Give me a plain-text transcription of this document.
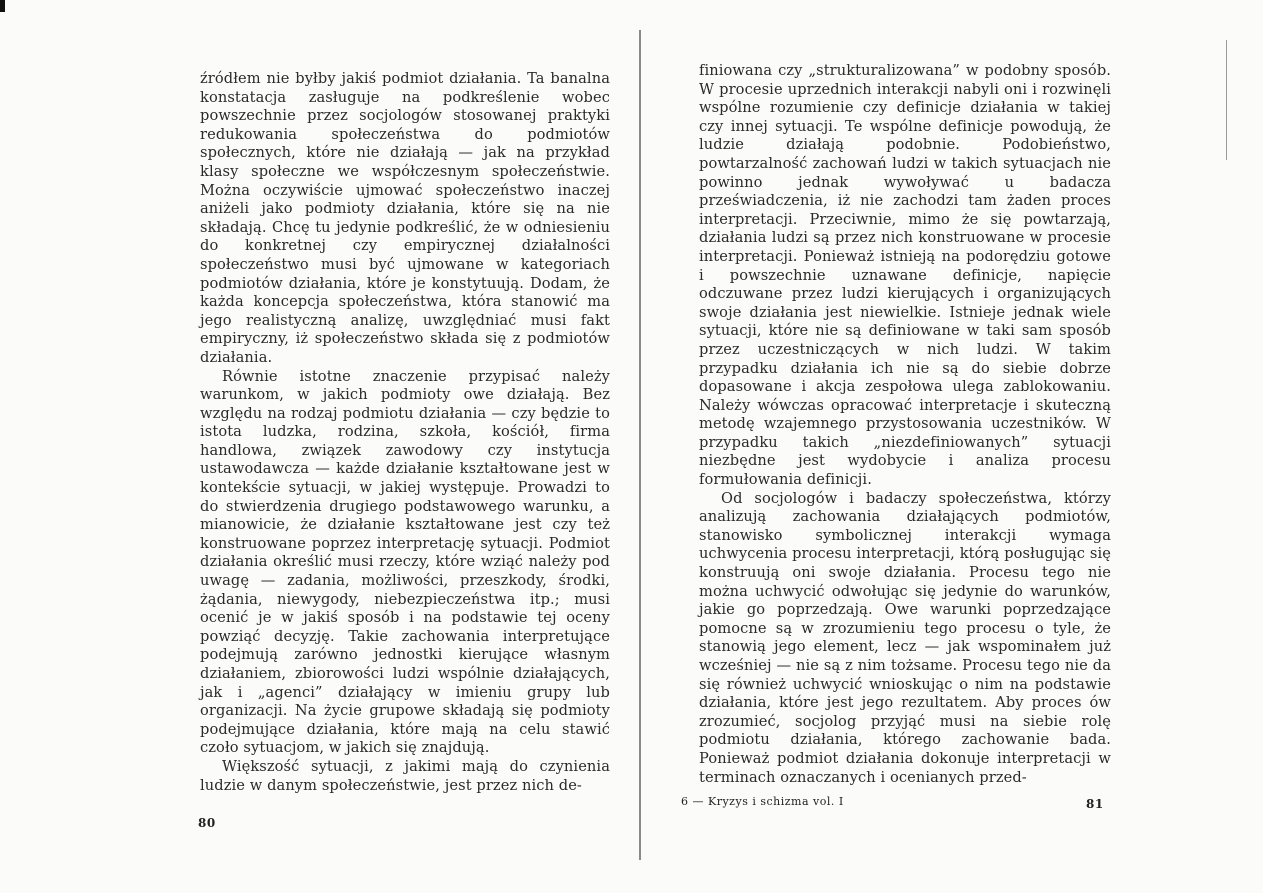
źródłem nie byłby jakiś podmiot działania. Ta banalna konstatacja zasługuje na podkreślenie wobec powszechnie przez socjologów stosowanej praktyki redukowania społeczeństwa do podmiotów społecznych, które nie działają — jak na przykład klasy społeczne we współczesnym społeczeństwie. Można oczywiście ujmować społeczeństwo inaczej aniżeli jako podmioty działania, które się na nie składają. Chcę tu jedynie podkreślić, że w odniesieniu do konkretnej czy empirycznej działalności społeczeństwo musi być ujmowane w kategoriach podmiotów działania, które je konstytuują. Dodam, że każda koncepcja społeczeństwa, która stanowić ma jego realistyczną analizę, uwzględniać musi fakt empiryczny, iż społeczeństwo składa się z podmiotów działania.

Równie istotne znaczenie przypisać należy warunkom, w jakich podmioty owe działają. Bez względu na rodzaj podmiotu działania — czy będzie to istota ludzka, rodzina, szkoła, kościół, firma handlowa, związek zawodowy czy instytucja ustawodawcza — każde działanie kształtowane jest w kontekście sytuacji, w jakiej występuje. Prowadzi to do stwierdzenia drugiego podstawowego warunku, a mianowicie, że działanie kształtowane jest czy też konstruowane poprzez interpretację sytuacji. Podmiot działania określić musi rzeczy, które wziąć należy pod uwagę — zadania, możliwości, przeszkody, środki, żądania, niewygody, niebezpieczeństwa itp.; musi ocenić je w jakiś sposób i na podstawie tej oceny powziąć decyzję. Takie zachowania interpretujące podejmują zarówno jednostki kierujące własnym działaniem, zbiorowości ludzi wspólnie działających, jak i „agenci” działający w imieniu grupy lub organizacji. Na życie grupowe składają się podmioty podejmujące działania, które mają na celu stawić czoło sytuacjom, w jakich się znajdują.

Większość sytuacji, z jakimi mają do czynienia ludzie w danym społeczeństwie, jest przez nich de-

80

finiowana czy „strukturalizowana” w podobny sposób. W procesie uprzednich interakcji nabyli oni i rozwinęli wspólne rozumienie czy definicje działania w takiej czy innej sytuacji. Te wspólne definicje powodują, że ludzie działają podobnie. Podobieństwo, powtarzalność zachowań ludzi w takich sytuacjach nie powinno jednak wywoływać u badacza przeświadczenia, iż nie zachodzi tam żaden proces interpretacji. Przeciwnie, mimo że się powtarzają, działania ludzi są przez nich konstruowane w procesie interpretacji. Ponieważ istnieją na podorędziu gotowe i powszechnie uznawane definicje, napięcie odczuwane przez ludzi kierujących i organizujących swoje działania jest niewielkie. Istnieje jednak wiele sytuacji, które nie są definiowane w taki sam sposób przez uczestniczących w nich ludzi. W takim przypadku działania ich nie są do siebie dobrze dopasowane i akcja zespołowa ulega zablokowaniu. Należy wówczas opracować interpretacje i skuteczną metodę wzajemnego przystosowania uczestników. W przypadku takich „niezdefiniowanych” sytuacji niezbędne jest wydobycie i analiza procesu formułowania definicji.

Od socjologów i badaczy społeczeństwa, którzy analizują zachowania działających podmiotów, stanowisko symbolicznej interakcji wymaga uchwycenia procesu interpretacji, którą posługując się konstruują oni swoje działania. Procesu tego nie można uchwycić odwołując się jedynie do warunków, jakie go poprzedzają. Owe warunki poprzedzające pomocne są w zrozumieniu tego procesu o tyle, że stanowią jego element, lecz — jak wspominałem już wcześniej — nie są z nim tożsame. Procesu tego nie da się również uchwycić wnioskując o nim na podstawie działania, które jest jego rezultatem. Aby proces ów zrozumieć, socjolog przyjąć musi na siebie rolę podmiotu działania, którego zachowanie bada. Ponieważ podmiot działania dokonuje interpretacji w terminach oznaczanych i ocenianych przed-

6 — Kryzys i schizma vol. I	81
